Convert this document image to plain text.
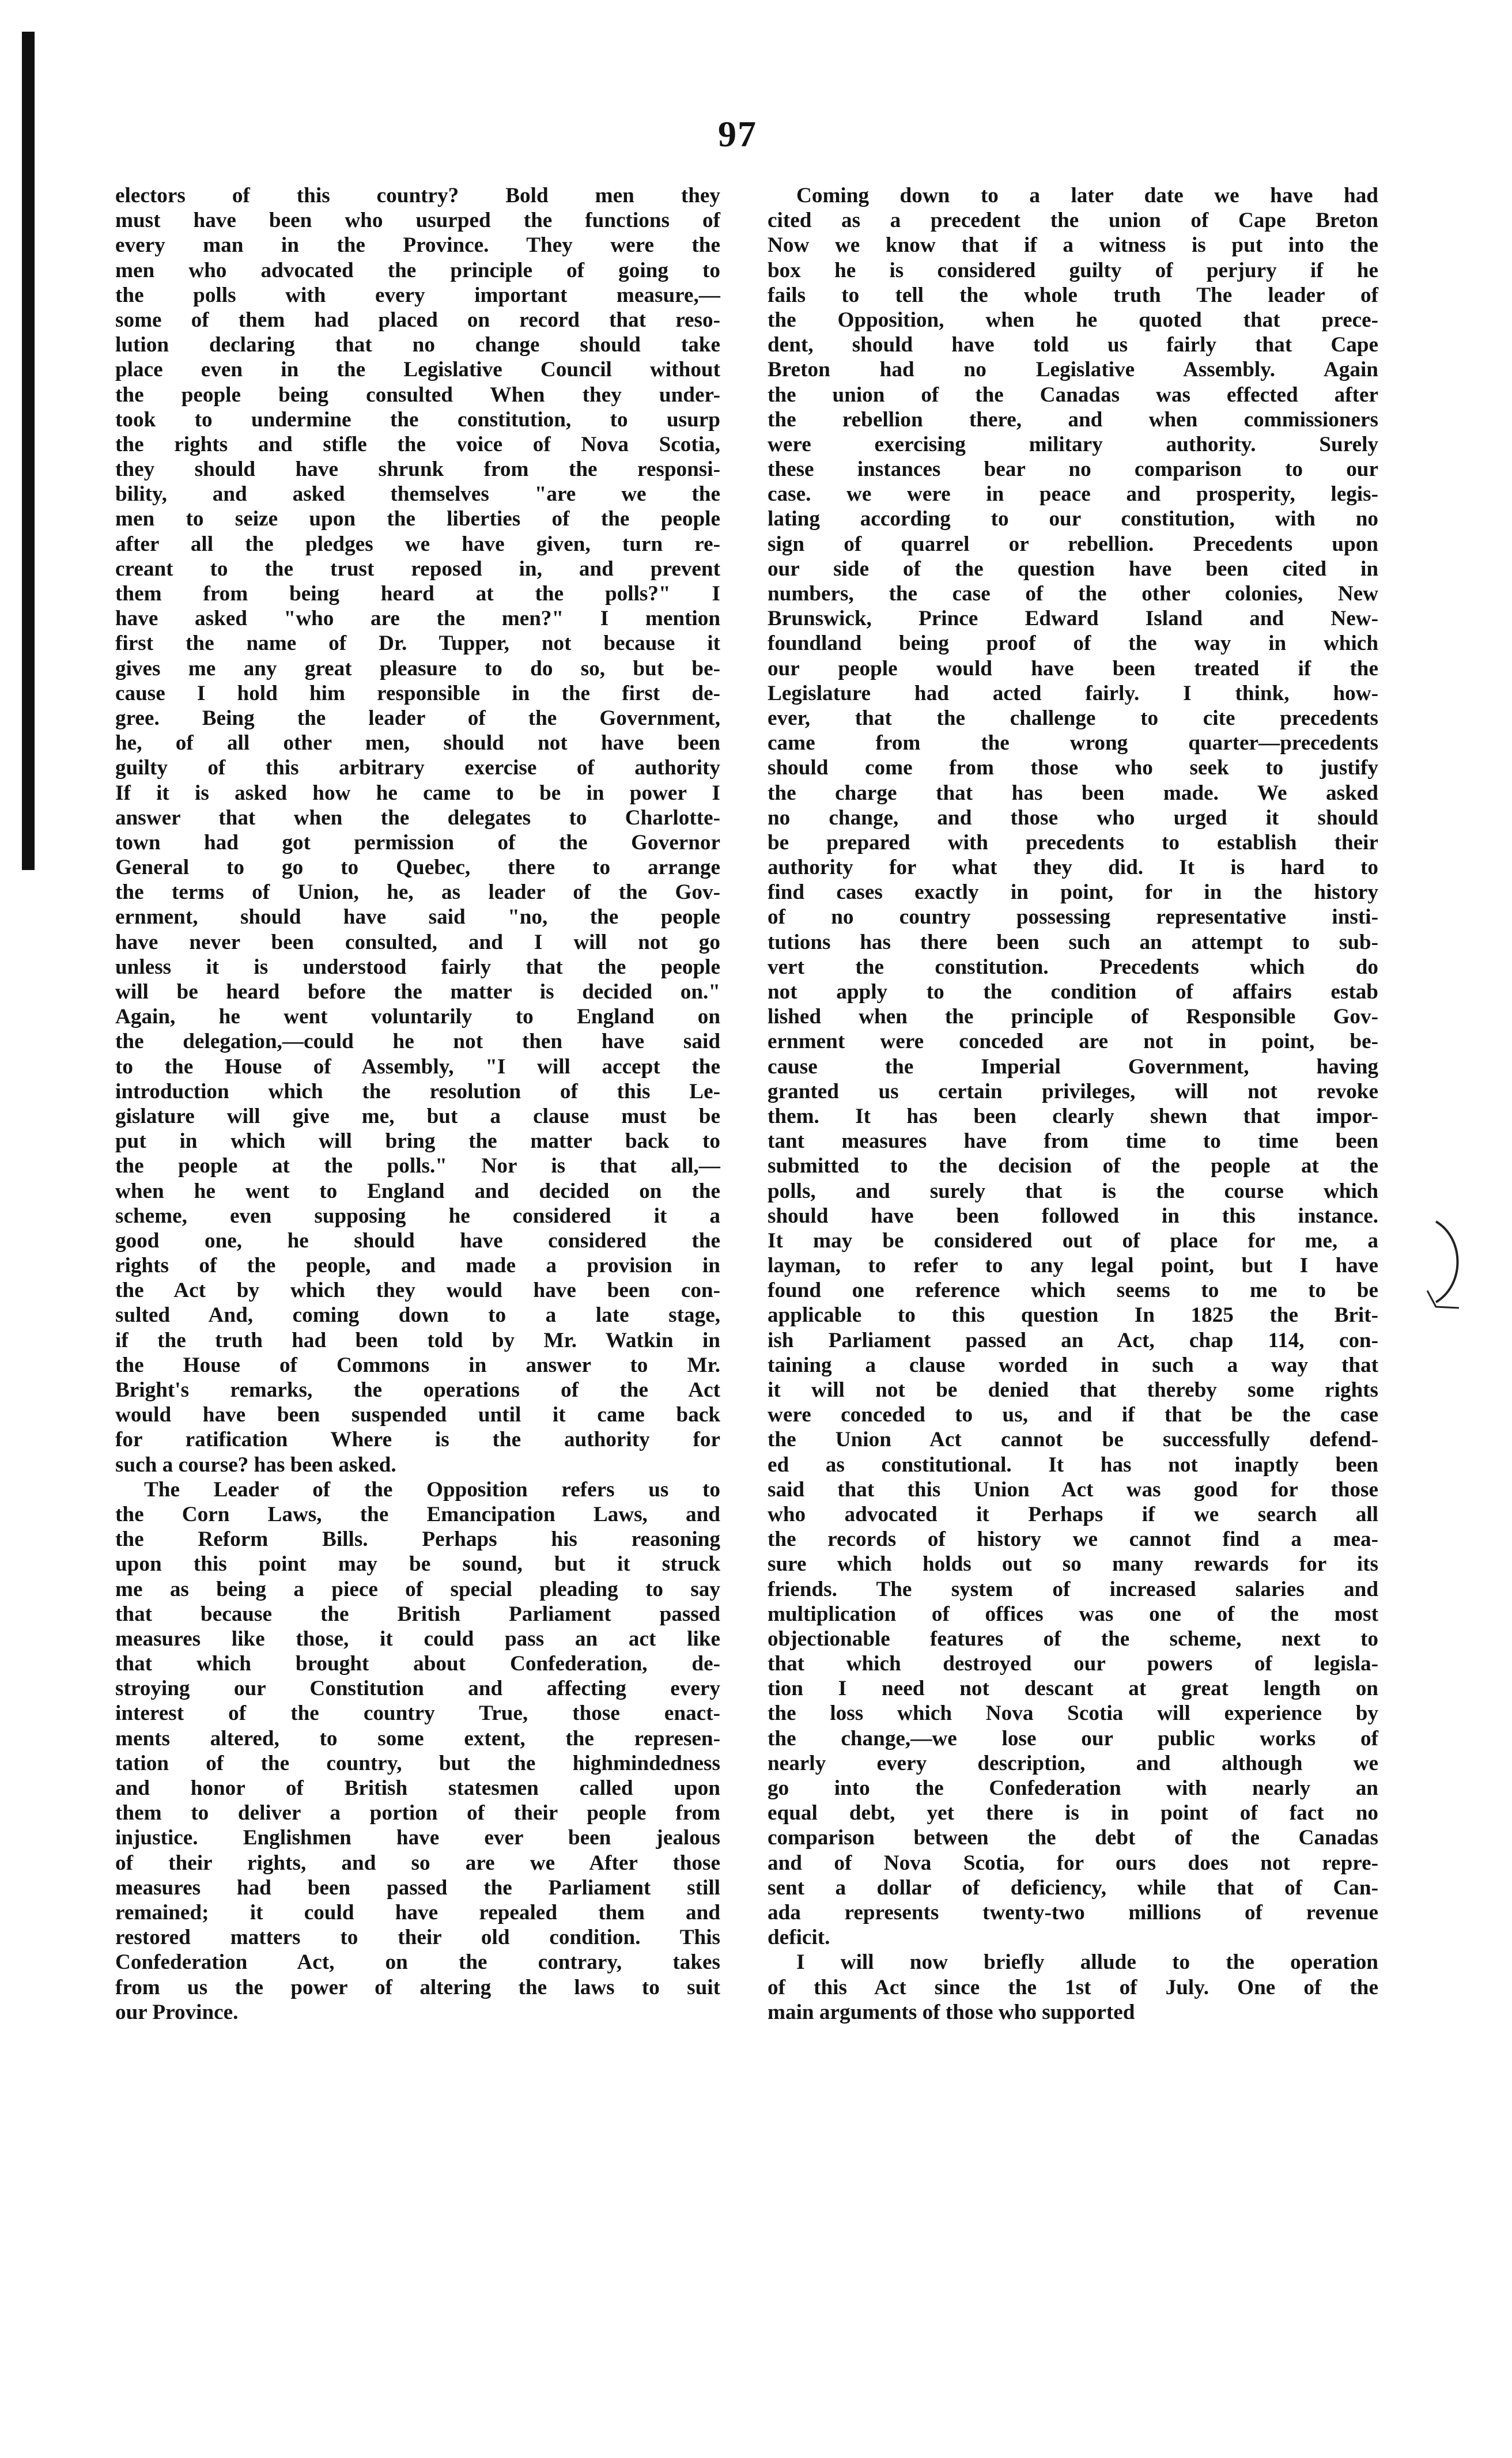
97
electors of this country? Bold men they
must have been who usurped the functions of
every man in the Province. They were the
men who advocated the principle of going to
the polls with every important measure,—
some of them had placed on record that reso-
lution declaring that no change should take
place even in the Legislative Council without
the people being consulted When they under-
took to undermine the constitution, to usurp
the rights and stifle the voice of Nova Scotia,
they should have shrunk from the responsi-
bility, and asked themselves "are we the
men to seize upon the liberties of the people
after all the pledges we have given, turn re-
creant to the trust reposed in, and prevent
them from being heard at the polls?" I
have asked "who are the men?" I mention
first the name of Dr. Tupper, not because it
gives me any great pleasure to do so, but be-
cause I hold him responsible in the first de-
gree. Being the leader of the Government,
he, of all other men, should not have been
guilty of this arbitrary exercise of authority
If it is asked how he came to be in power I
answer that when the delegates to Charlotte-
town had got permission of the Governor
General to go to Quebec, there to arrange
the terms of Union, he, as leader of the Gov-
ernment, should have said "no, the people
have never been consulted, and I will not go
unless it is understood fairly that the people
will be heard before the matter is decided on."
Again, he went voluntarily to England on
the delegation,—could he not then have said
to the House of Assembly, "I will accept the
introduction which the resolution of this Le-
gislature will give me, but a clause must be
put in which will bring the matter back to
the people at the polls." Nor is that all,—
when he went to England and decided on the
scheme, even supposing he considered it a
good one, he should have considered the
rights of the people, and made a provision in
the Act by which they would have been con-
sulted And, coming down to a late stage,
if the truth had been told by Mr. Watkin in
the House of Commons in answer to Mr.
Bright's remarks, the operations of the Act
would have been suspended until it came back
for ratification Where is the authority for
such a course? has been asked.
The Leader of the Opposition refers us to
the Corn Laws, the Emancipation Laws, and
the Reform Bills. Perhaps his reasoning
upon this point may be sound, but it struck
me as being a piece of special pleading to say
that because the British Parliament passed
measures like those, it could pass an act like
that which brought about Confederation, de-
stroying our Constitution and affecting every
interest of the country True, those enact-
ments altered, to some extent, the represen-
tation of the country, but the highmindedness
and honor of British statesmen called upon
them to deliver a portion of their people from
injustice. Englishmen have ever been jealous
of their rights, and so are we After those
measures had been passed the Parliament still
remained; it could have repealed them and
restored matters to their old condition. This
Confederation Act, on the contrary, takes
from us the power of altering the laws to suit
our Province.
Coming down to a later date we have had
cited as a precedent the union of Cape Breton
Now we know that if a witness is put into the
box he is considered guilty of perjury if he
fails to tell the whole truth The leader of
the Opposition, when he quoted that prece-
dent, should have told us fairly that Cape
Breton had no Legislative Assembly. Again
the union of the Canadas was effected after
the rebellion there, and when commissioners
were exercising military authority. Surely
these instances bear no comparison to our
case. we were in peace and prosperity, legis-
lating according to our constitution, with no
sign of quarrel or rebellion. Precedents upon
our side of the question have been cited in
numbers, the case of the other colonies, New
Brunswick, Prince Edward Island and New-
foundland being proof of the way in which
our people would have been treated if the
Legislature had acted fairly. I think, how-
ever, that the challenge to cite precedents
came from the wrong quarter—precedents
should come from those who seek to justify
the charge that has been made. We asked
no change, and those who urged it should
be prepared with precedents to establish their
authority for what they did. It is hard to
find cases exactly in point, for in the history
of no country possessing representative insti-
tutions has there been such an attempt to sub-
vert the constitution. Precedents which do
not apply to the condition of affairs estab
lished when the principle of Responsible Gov-
ernment were conceded are not in point, be-
cause the Imperial Government, having
granted us certain privileges, will not revoke
them. It has been clearly shewn that impor-
tant measures have from time to time been
submitted to the decision of the people at the
polls, and surely that is the course which
should have been followed in this instance.
It may be considered out of place for me, a
layman, to refer to any legal point, but I have
found one reference which seems to me to be
applicable to this question In 1825 the Brit-
ish Parliament passed an Act, chap 114, con-
taining a clause worded in such a way that
it will not be denied that thereby some rights
were conceded to us, and if that be the case
the Union Act cannot be successfully defend-
ed as constitutional. It has not inaptly been
said that this Union Act was good for those
who advocated it Perhaps if we search all
the records of history we cannot find a mea-
sure which holds out so many rewards for its
friends. The system of increased salaries and
multiplication of offices was one of the most
objectionable features of the scheme, next to
that which destroyed our powers of legisla-
tion I need not descant at great length on
the loss which Nova Scotia will experience by
the change,—we lose our public works of
nearly every description, and although we
go into the Confederation with nearly an
equal debt, yet there is in point of fact no
comparison between the debt of the Canadas
and of Nova Scotia, for ours does not repre-
sent a dollar of deficiency, while that of Can-
ada represents twenty-two millions of revenue
deficit.
I will now briefly allude to the operation
of this Act since the 1st of July. One of the
main arguments of those who supported
